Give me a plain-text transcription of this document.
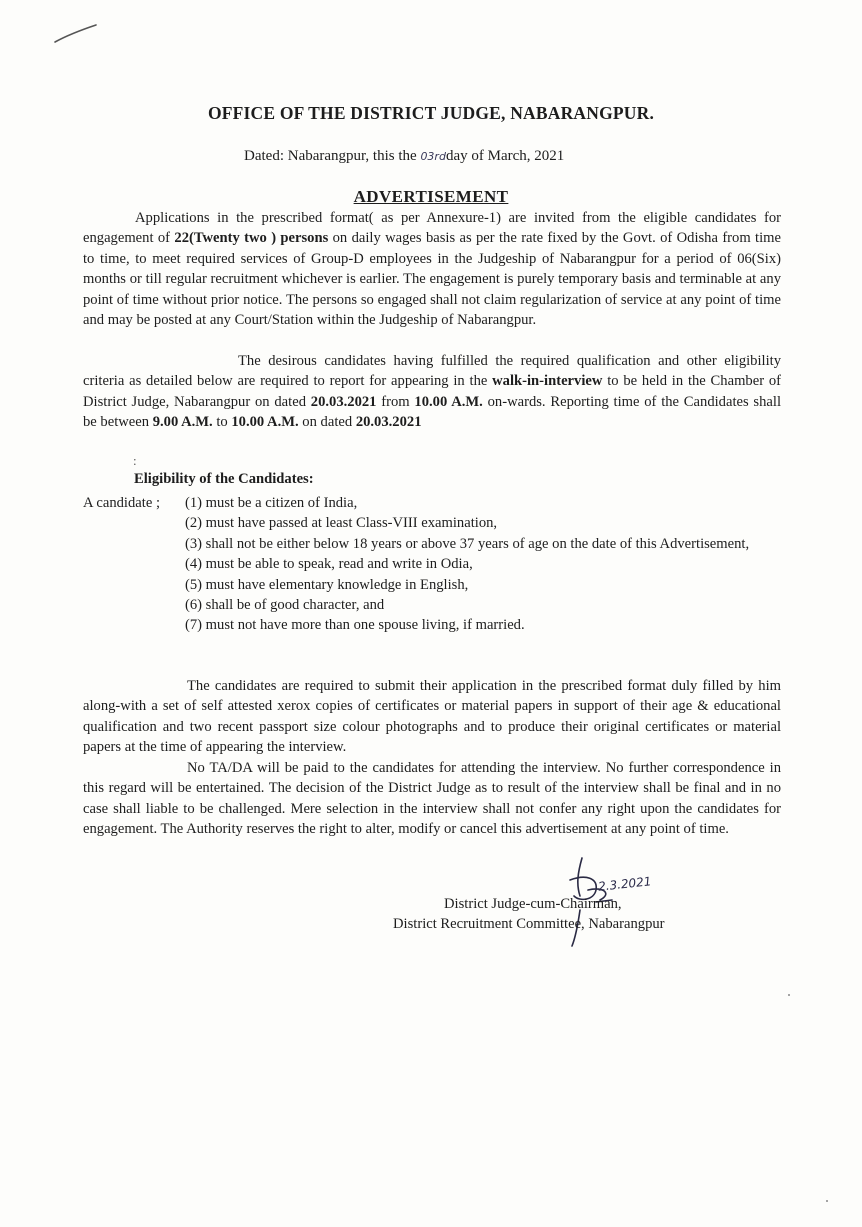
OFFICE OF THE DISTRICT JUDGE, NABARANGPUR.
Dated: Nabarangpur, this the 03rdday of March, 2021
ADVERTISEMENT
Applications in the prescribed format( as per Annexure-1) are invited from the eligible candidates for engagement of 22(Twenty two ) persons on daily wages basis as per the rate fixed by the Govt. of Odisha from time to time, to meet required services of Group-D employees in the Judgeship of Nabarangpur for a period of 06(Six) months or till regular recruitment whichever is earlier. The engagement is purely temporary basis and terminable at any point of time without prior notice. The persons so engaged shall not claim regularization of service at any point of time and may be posted at any Court/Station within the Judgeship of Nabarangpur.
The desirous candidates having fulfilled the required qualification and other eligibility criteria as detailed below are required to report for appearing in the walk-in-interview to be held in the Chamber of District Judge, Nabarangpur on dated 20.03.2021 from 10.00 A.M. on-wards. Reporting time of the Candidates shall be between 9.00 A.M. to 10.00 A.M. on dated 20.03.2021
:
Eligibility of the Candidates:
A candidate ; (1) must be a citizen of India,
(2) must have passed at least Class-VIII examination,
(3) shall not be either below 18 years or above 37 years of age on the date of this Advertisement,
(4) must be able to speak, read and write in Odia,
(5) must have elementary knowledge in English,
(6) shall be of good character, and
(7) must not have more than one spouse living, if married.
The candidates are required to submit their application in the prescribed format duly filled by him along-with a set of self attested xerox copies of certificates or material papers in support of their age & educational qualification and two recent passport size colour photographs and to produce their original certificates or material papers at the time of appearing the interview.
No TA/DA will be paid to the candidates for attending the interview. No further correspondence in this regard will be entertained. The decision of the District Judge as to result of the interview shall be final and in no case shall liable to be challenged. Mere selection in the interview shall not confer any right upon the candidates for engagement. The Authority reserves the right to alter, modify or cancel this advertisement at any point of time.
2.3.2021
District Judge-cum-Chairman,
District Recruitment Committee, Nabarangpur
